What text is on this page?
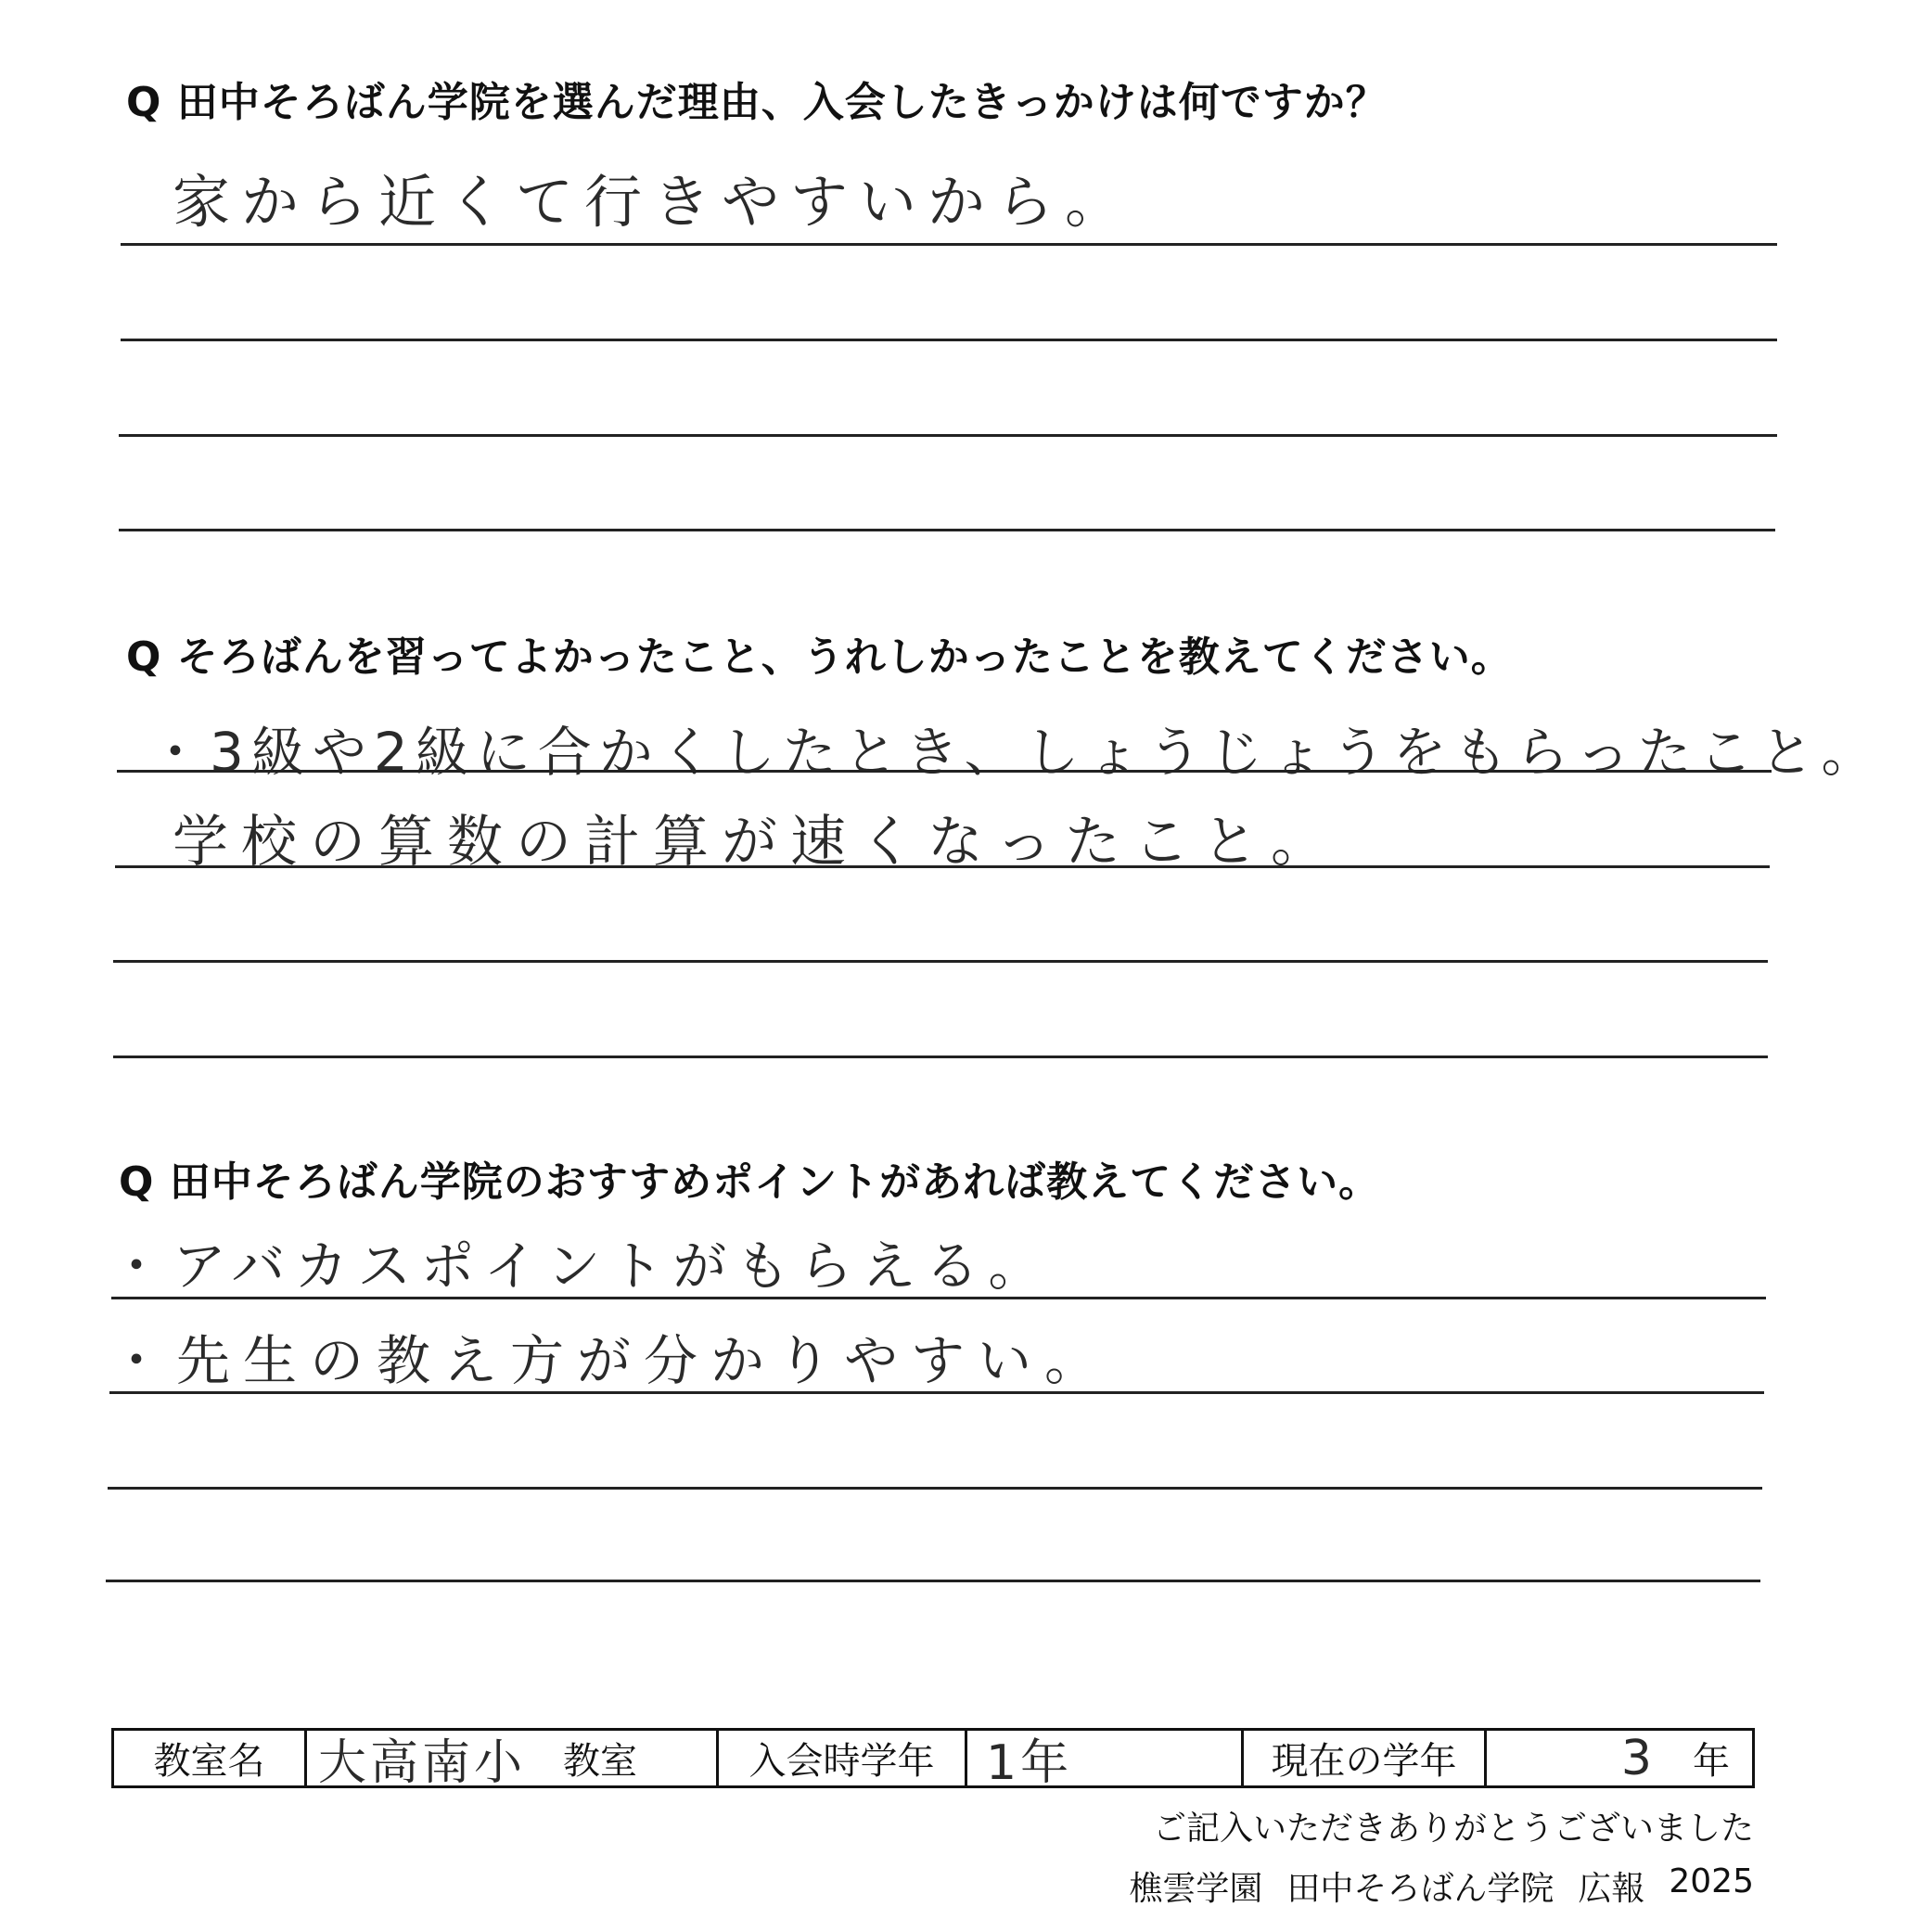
Q 田中そろばん学院を選んだ理由、入会したきっかけは何ですか？
家から近くて行きやすいから。
Q そろばんを習ってよかったこと、うれしかったことを教えてください。
・3級や2級に合かくしたとき、しょうじょうをもらったこと。
学校の算数の計算が速くなったこと。
Q 田中そろばん学院のおすすめポイントがあれば教えてください。
・アバカスポイントがもらえる。
・先生の教え方が分かりやすい。
教室名	大高南小 教室	入会時学年	1年	現在の学年	3 年
ご記入いただきありがとうございました
樵雲学園 田中そろばん学院 広報 2025
